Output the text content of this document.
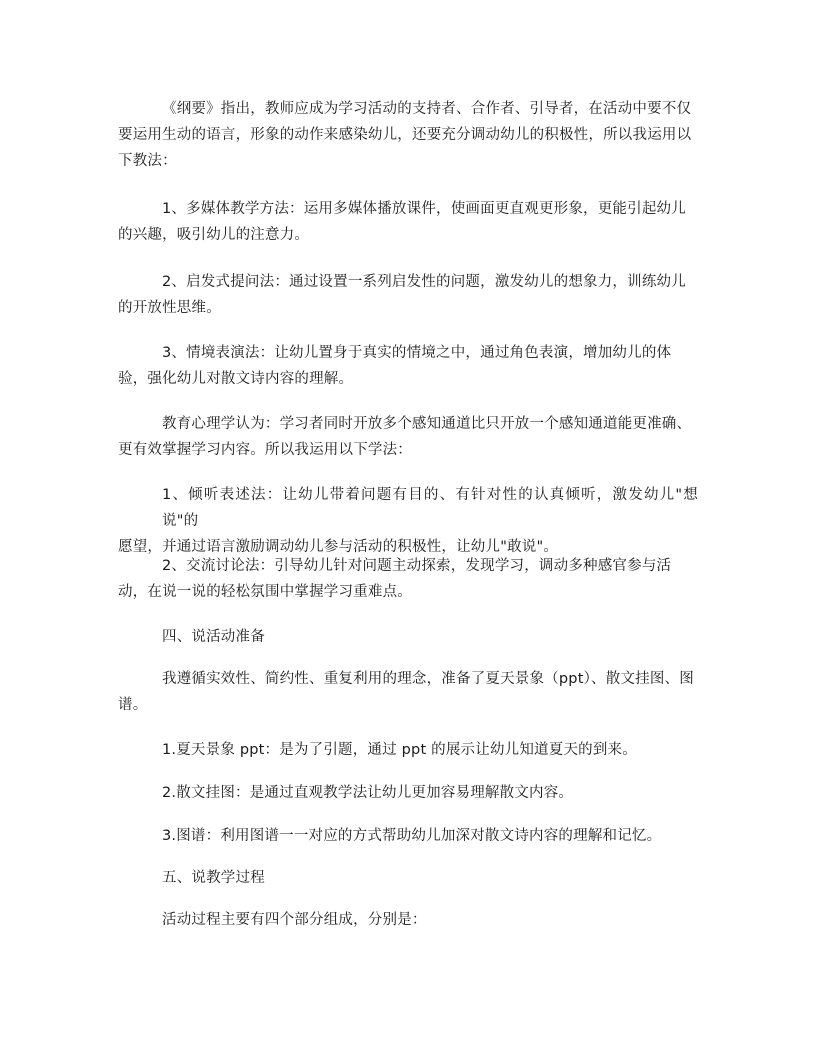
《纲要》指出，教师应成为学习活动的支持者、合作者、引导者，在活动中要不仅
要运用生动的语言，形象的动作来感染幼儿，还要充分调动幼儿的积极性，所以我运用以
下教法：

1、多媒体教学方法：运用多媒体播放课件，使画面更直观更形象，更能引起幼儿
的兴趣，吸引幼儿的注意力。

2、启发式提问法：通过设置一系列启发性的问题，激发幼儿的想象力，训练幼儿
的开放性思维。

3、情境表演法：让幼儿置身于真实的情境之中，通过角色表演，增加幼儿的体
验，强化幼儿对散文诗内容的理解。

教育心理学认为：学习者同时开放多个感知通道比只开放一个感知通道能更准确、
更有效掌握学习内容。所以我运用以下学法：

1、倾听表述法：让幼儿带着问题有目的、有针对性的认真倾听，激发幼儿"想说"的
愿望，并通过语言激励调动幼儿参与活动的积极性，让幼儿"敢说"。

2、交流讨论法：引导幼儿针对问题主动探索，发现学习，调动多种感官参与活
动，在说一说的轻松氛围中掌握学习重难点。

四、说活动准备

我遵循实效性、简约性、重复利用的理念，准备了夏天景象（ppt）、散文挂图、图
谱。

1.夏天景象 ppt：是为了引题，通过 ppt 的展示让幼儿知道夏天的到来。

2.散文挂图：是通过直观教学法让幼儿更加容易理解散文内容。

3.图谱：利用图谱一一对应的方式帮助幼儿加深对散文诗内容的理解和记忆。

五、说教学过程

活动过程主要有四个部分组成，分别是：
